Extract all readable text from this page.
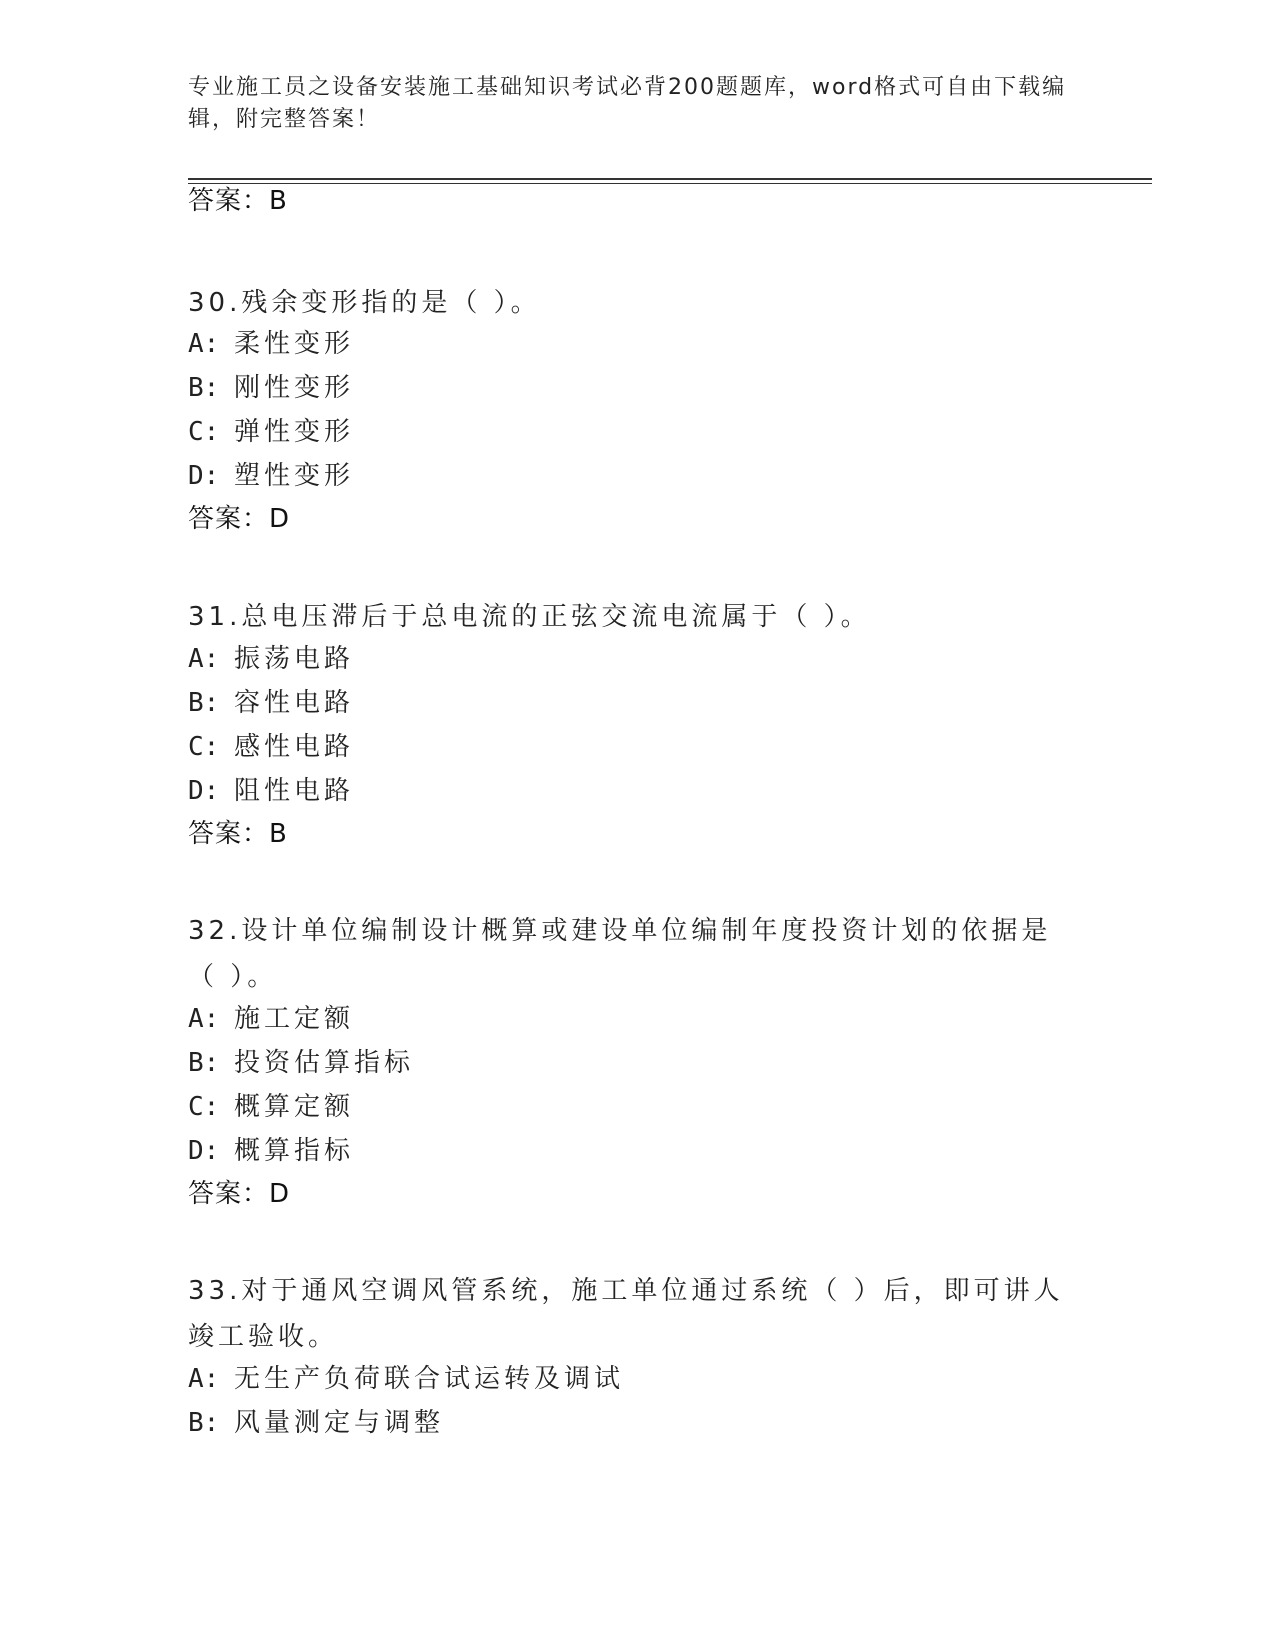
专业施工员之设备安装施工基础知识考试必背200题题库，word格式可自由下载编辑，附完整答案！
答案：B
30.残余变形指的是（ ）。
A: 柔性变形
B: 刚性变形
C: 弹性变形
D: 塑性变形
答案：D
31.总电压滞后于总电流的正弦交流电流属于（ ）。
A: 振荡电路
B: 容性电路
C: 感性电路
D: 阻性电路
答案：B
32.设计单位编制设计概算或建设单位编制年度投资计划的依据是（ ）。
A: 施工定额
B: 投资估算指标
C: 概算定额
D: 概算指标
答案：D
33.对于通风空调风管系统，施工单位通过系统（ ）后，即可讲人竣工验收。
A: 无生产负荷联合试运转及调试
B: 风量测定与调整
